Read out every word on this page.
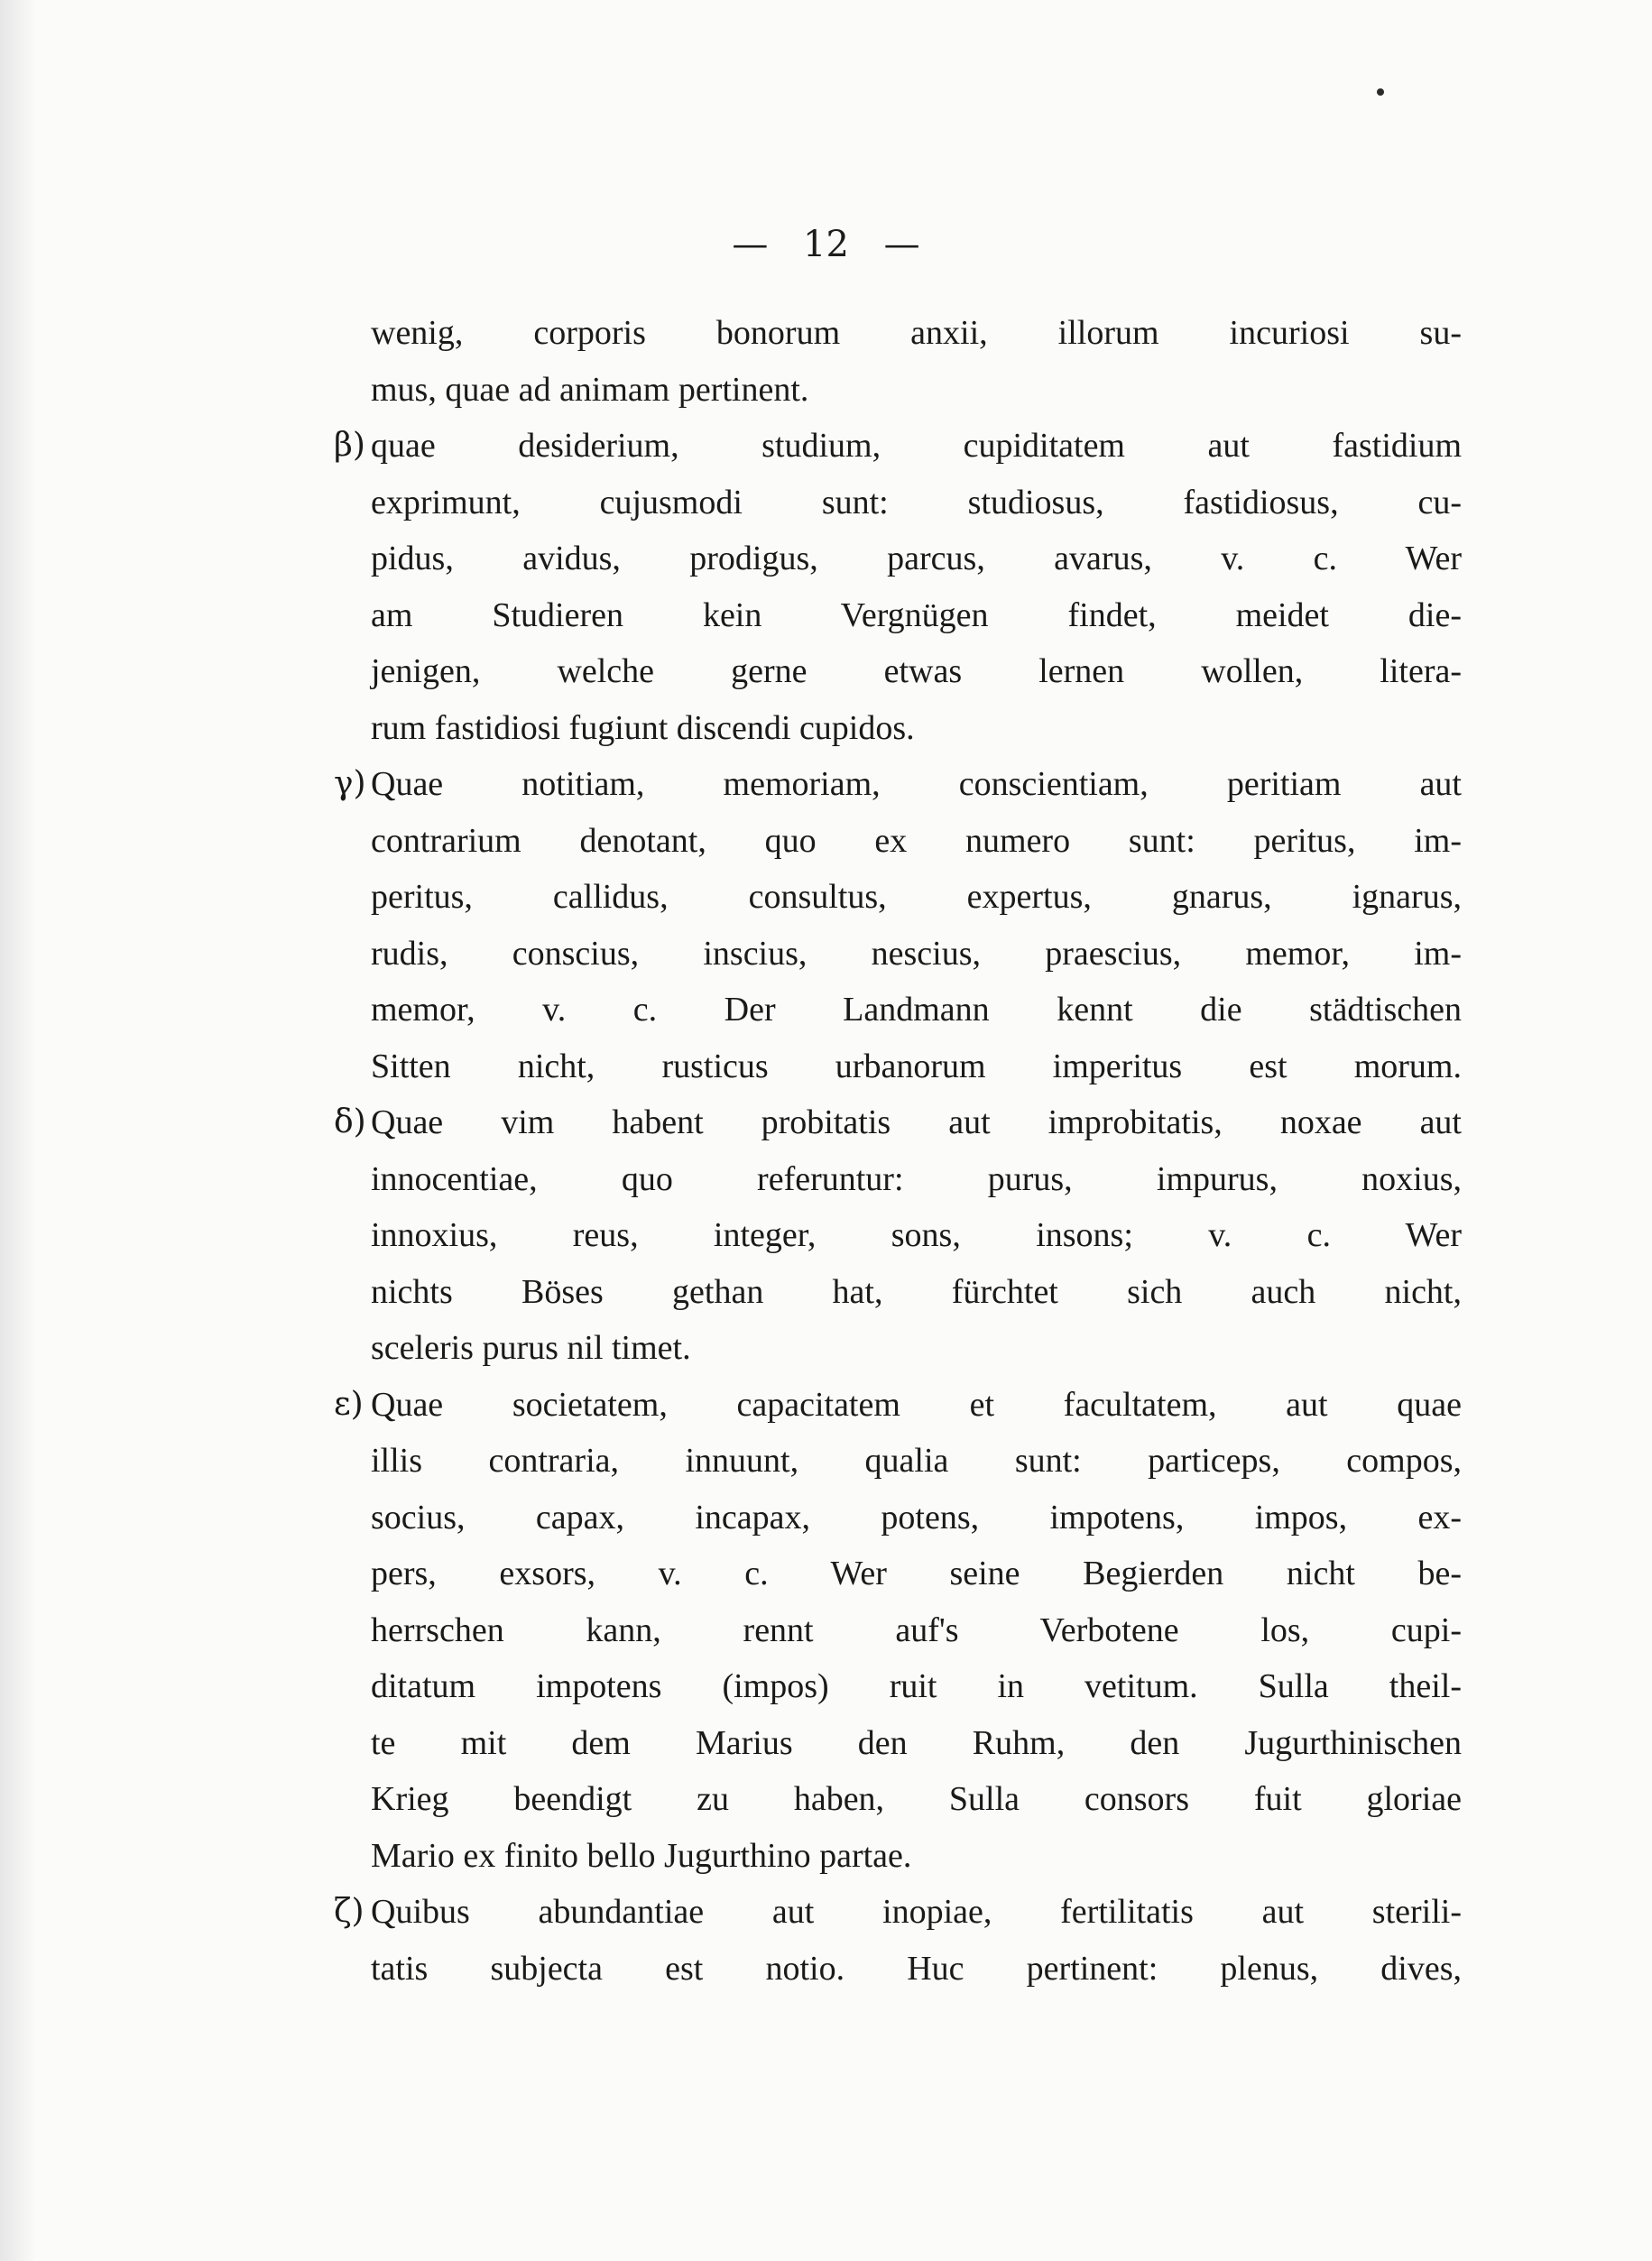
— 12 —
wenig, corporis bonorum anxii, illorum incuriosi su-
mus, quae ad animam pertinent.
β) quae desiderium, studium, cupiditatem aut fastidium
exprimunt, cujusmodi sunt: studiosus, fastidiosus, cu-
pidus, avidus, prodigus, parcus, avarus, v. c. Wer
am Studieren kein Vergnügen findet, meidet die-
jenigen, welche gerne etwas lernen wollen, litera-
rum fastidiosi fugiunt discendi cupidos.
γ) Quae notitiam, memoriam, conscientiam, peritiam aut
contrarium denotant, quo ex numero sunt: peritus, im-
peritus, callidus, consultus, expertus, gnarus, ignarus,
rudis, conscius, inscius, nescius, praescius, memor, im-
memor, v. c. Der Landmann kennt die städtischen
Sitten nicht, rusticus urbanorum imperitus est morum.
δ) Quae vim habent probitatis aut improbitatis, noxae aut
innocentiae, quo referuntur: purus, impurus, noxius,
innoxius, reus, integer, sons, insons; v. c. Wer
nichts Böses gethan hat, fürchtet sich auch nicht,
sceleris purus nil timet.
ε) Quae societatem, capacitatem et facultatem, aut quae
illis contraria, innuunt, qualia sunt: particeps, compos,
socius, capax, incapax, potens, impotens, impos, ex-
pers, exsors, v. c. Wer seine Begierden nicht be-
herrschen kann, rennt auf's Verbotene los, cupi-
ditatum impotens (impos) ruit in vetitum. Sulla theil-
te mit dem Marius den Ruhm, den Jugurthinischen
Krieg beendigt zu haben, Sulla consors fuit gloriae
Mario ex finito bello Jugurthino partae.
ζ) Quibus abundantiae aut inopiae, fertilitatis aut sterili-
tatis subjecta est notio. Huc pertinent: plenus, dives,
